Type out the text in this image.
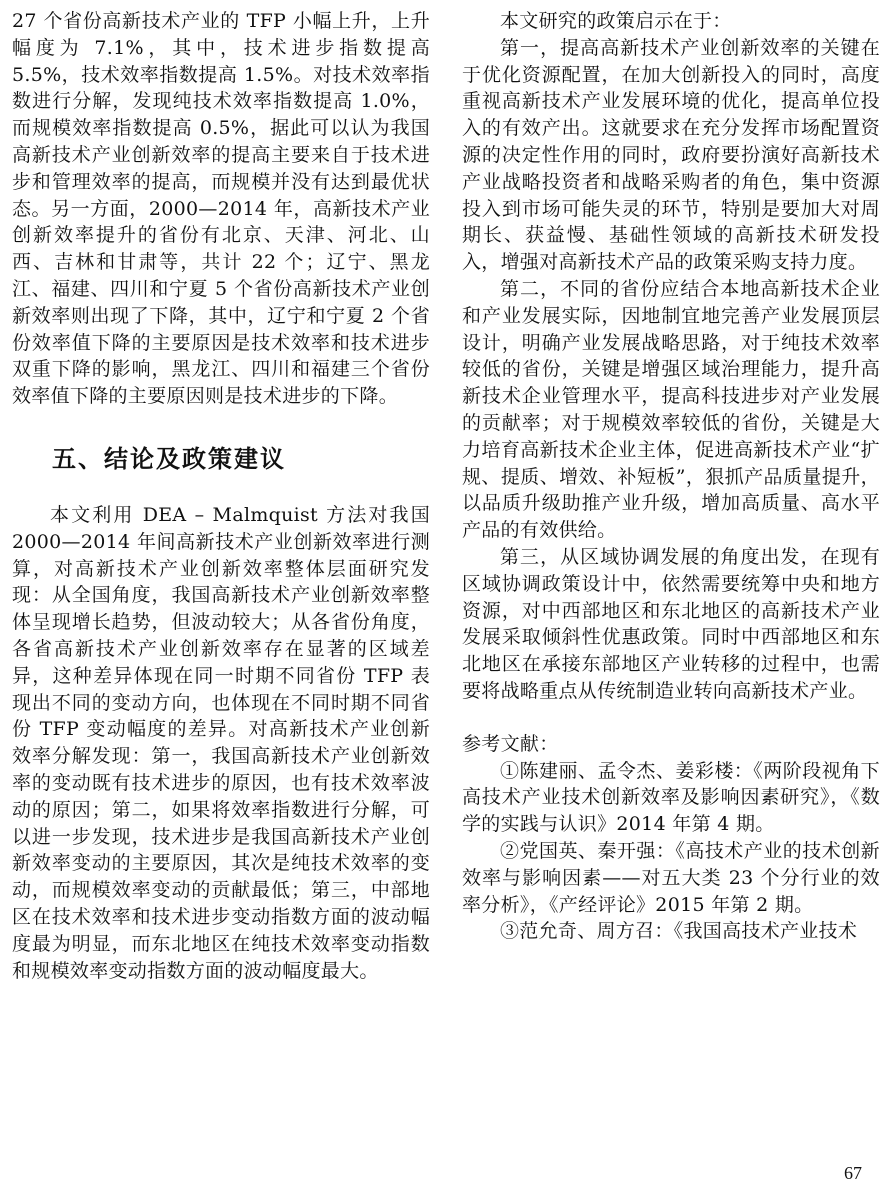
27 个省份高新技术产业的 TFP 小幅上升，上升幅度为 7.1%，其中，技术进步指数提高 5.5%，技术效率指数提高 1.5%。对技术效率指数进行分解，发现纯技术效率指数提高 1.0%，而规模效率指数提高 0.5%，据此可以认为我国高新技术产业创新效率的提高主要来自于技术进步和管理效率的提高，而规模并没有达到最优状态。另一方面，2000—2014 年，高新技术产业创新效率提升的省份有北京、天津、河北、山西、吉林和甘肃等，共计 22 个；辽宁、黑龙江、福建、四川和宁夏 5 个省份高新技术产业创新效率则出现了下降，其中，辽宁和宁夏 2 个省份效率值下降的主要原因是技术效率和技术进步双重下降的影响，黑龙江、四川和福建三个省份效率值下降的主要原因则是技术进步的下降。

五、结论及政策建议

本文利用 DEA – Malmquist 方法对我国 2000—2014 年间高新技术产业创新效率进行测算，对高新技术产业创新效率整体层面研究发现：从全国角度，我国高新技术产业创新效率整体呈现增长趋势，但波动较大；从各省份角度，各省高新技术产业创新效率存在显著的区域差异，这种差异体现在同一时期不同省份 TFP 表现出不同的变动方向，也体现在不同时期不同省份 TFP 变动幅度的差异。对高新技术产业创新效率分解发现：第一，我国高新技术产业创新效率的变动既有技术进步的原因，也有技术效率波动的原因；第二，如果将效率指数进行分解，可以进一步发现，技术进步是我国高新技术产业创新效率变动的主要原因，其次是纯技术效率的变动，而规模效率变动的贡献最低；第三，中部地区在技术效率和技术进步变动指数方面的波动幅度最为明显，而东北地区在纯技术效率变动指数和规模效率变动指数方面的波动幅度最大。

本文研究的政策启示在于：

第一，提高高新技术产业创新效率的关键在于优化资源配置，在加大创新投入的同时，高度重视高新技术产业发展环境的优化，提高单位投入的有效产出。这就要求在充分发挥市场配置资源的决定性作用的同时，政府要扮演好高新技术产业战略投资者和战略采购者的角色，集中资源投入到市场可能失灵的环节，特别是要加大对周期长、获益慢、基础性领域的高新技术研发投入，增强对高新技术产品的政策采购支持力度。

第二，不同的省份应结合本地高新技术企业和产业发展实际，因地制宜地完善产业发展顶层设计，明确产业发展战略思路，对于纯技术效率较低的省份，关键是增强区域治理能力，提升高新技术企业管理水平，提高科技进步对产业发展的贡献率；对于规模效率较低的省份，关键是大力培育高新技术企业主体，促进高新技术产业“扩规、提质、增效、补短板”，狠抓产品质量提升，以品质升级助推产业升级，增加高质量、高水平产品的有效供给。

第三，从区域协调发展的角度出发，在现有区域协调政策设计中，依然需要统筹中央和地方资源，对中西部地区和东北地区的高新技术产业发展采取倾斜性优惠政策。同时中西部地区和东北地区在承接东部地区产业转移的过程中，也需要将战略重点从传统制造业转向高新技术产业。

参考文献：

①陈建丽、孟令杰、姜彩楼：《两阶段视角下高技术产业技术创新效率及影响因素研究》，《数学的实践与认识》2014 年第 4 期。

②党国英、秦开强：《高技术产业的技术创新效率与影响因素——对五大类 23 个分行业的效率分析》，《产经评论》2015 年第 2 期。

③范允奇、周方召：《我国高技术产业技术

67
